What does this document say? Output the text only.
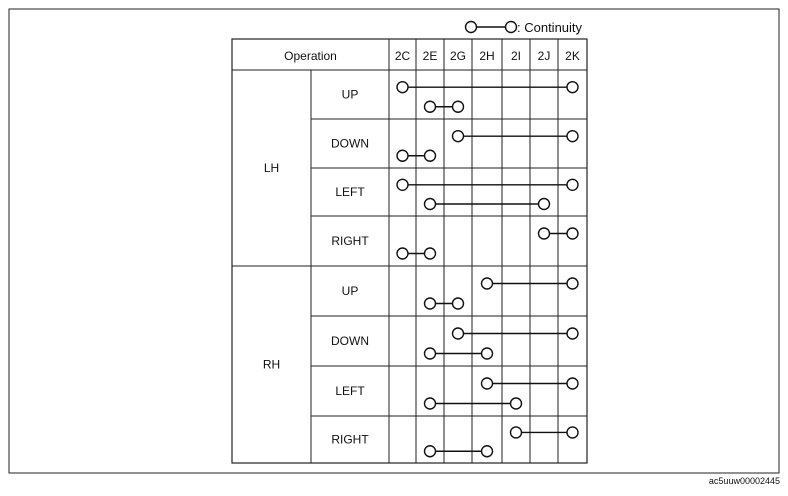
: Continuity
Operation	2C 2E 2G 2H 2I 2J 2K
LH
UP
DOWN
LEFT
RIGHT
RH
UP
DOWN
LEFT
RIGHT
ac5uuw00002445
